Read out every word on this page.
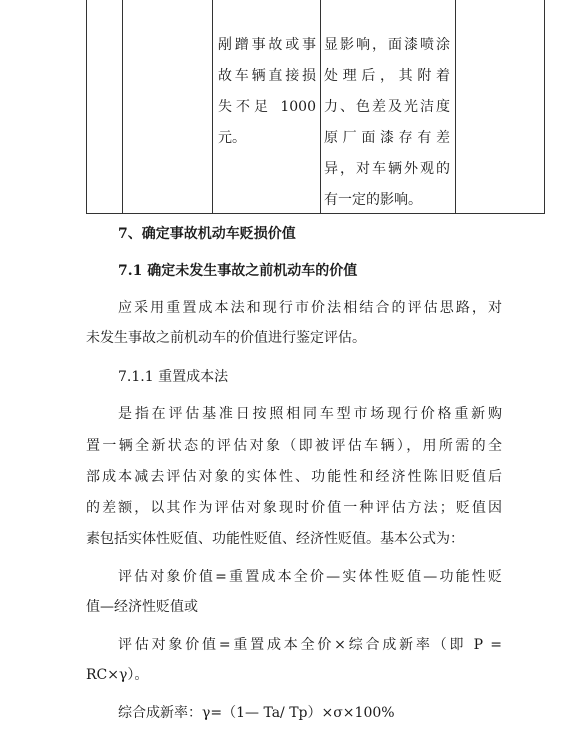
剐蹭事故或事
故车辆直接损
失不足 1000
元。
显影响，面漆喷涂
处理后，其附着
力、色差及光洁度
原厂面漆存有差
异，对车辆外观的
有一定的影响。
7、确定事故机动车贬损价值
7.1 确定未发生事故之前机动车的价值
应采用重置成本法和现行市价法相结合的评估思路，对
未发生事故之前机动车的价值进行鉴定评估。
7.1.1 重置成本法
是指在评估基准日按照相同车型市场现行价格重新购
置一辆全新状态的评估对象（即被评估车辆），用所需的全
部成本减去评估对象的实体性、功能性和经济性陈旧贬值后
的差额，以其作为评估对象现时价值一种评估方法；贬值因
素包括实体性贬值、功能性贬值、经济性贬值。基本公式为：
评估对象价值=重置成本全价—实体性贬值—功能性贬
值—经济性贬值或
评估对象价值=重置成本全价×综合成新率（即 P =
RC×γ）。
综合成新率：γ=（1— Ta/ Tp）×σ×100%
